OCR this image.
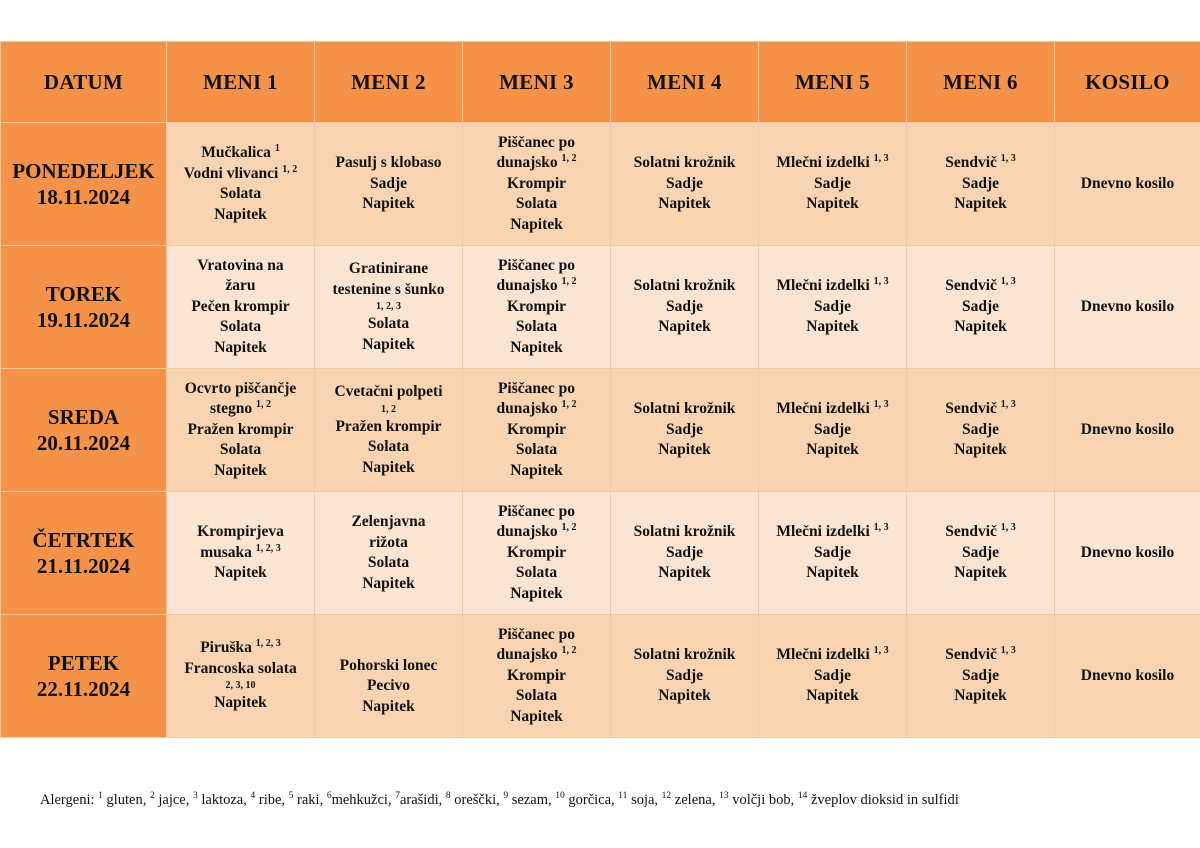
DATUM	MENI 1	MENI 2	MENI 3	MENI 4	MENI 5	MENI 6	KOSILO

PONEDELJEK
18.11.2024	Mučkalica $^1$
Vodni vlivanci $^{1, 2}$
Solata
Napitek	Pasulj s klobaso
Sadje
Napitek	Piščanec po
dunajsko $^{1, 2}$
Krompir
Solata
Napitek	Solatni krožnik
Sadje
Napitek	Mlečni izdelki $^{1, 3}$
Sadje
Napitek	Sendvič $^{1, 3}$
Sadje
Napitek	Dnevno kosilo

TOREK
19.11.2024	Vratovina na
žaru
Pečen krompir
Solata
Napitek	Gratinirane
testenine s šunko
1, 2, 3
Solata
Napitek	Piščanec po
dunajsko $^{1, 2}$
Krompir
Solata
Napitek	Solatni krožnik
Sadje
Napitek	Mlečni izdelki $^{1, 3}$
Sadje
Napitek	Sendvič $^{1, 3}$
Sadje
Napitek	Dnevno kosilo

SREDA
20.11.2024	Ocvrto piščančje
stegno $^{1, 2}$
Pražen krompir
Solata
Napitek	Cvetačni polpeti
1, 2
Pražen krompir
Solata
Napitek	Piščanec po
dunajsko $^{1, 2}$
Krompir
Solata
Napitek	Solatni krožnik
Sadje
Napitek	Mlečni izdelki $^{1, 3}$
Sadje
Napitek	Sendvič $^{1, 3}$
Sadje
Napitek	Dnevno kosilo

ČETRTEK
21.11.2024	Krompirjeva
musaka $^{1, 2, 3}$
Napitek	Zelenjavna
rižota
Solata
Napitek	Piščanec po
dunajsko $^{1, 2}$
Krompir
Solata
Napitek	Solatni krožnik
Sadje
Napitek	Mlečni izdelki $^{1, 3}$
Sadje
Napitek	Sendvič $^{1, 3}$
Sadje
Napitek	Dnevno kosilo

PETEK
22.11.2024	Piruška $^{1, 2, 3}$
Francoska solata
2, 3, 10
Napitek	Pohorski lonec
Pecivo
Napitek	Piščanec po
dunajsko $^{1, 2}$
Krompir
Solata
Napitek	Solatni krožnik
Sadje
Napitek	Mlečni izdelki $^{1, 3}$
Sadje
Napitek	Sendvič $^{1, 3}$
Sadje
Napitek	Dnevno kosilo
Alergeni: $^1$ gluten, $^2$ jajce, $^3$ laktoza, $^4$ ribe, $^5$ raki, $^6$mehkužci, $^7$arašidi, $^8$ oreščki, $^9$ sezam, $^{10}$ gorčica, $^{11}$ soja, $^{12}$ zelena, $^{13}$ volčji bob, $^{14}$ žveplov dioksid in sulfidi
